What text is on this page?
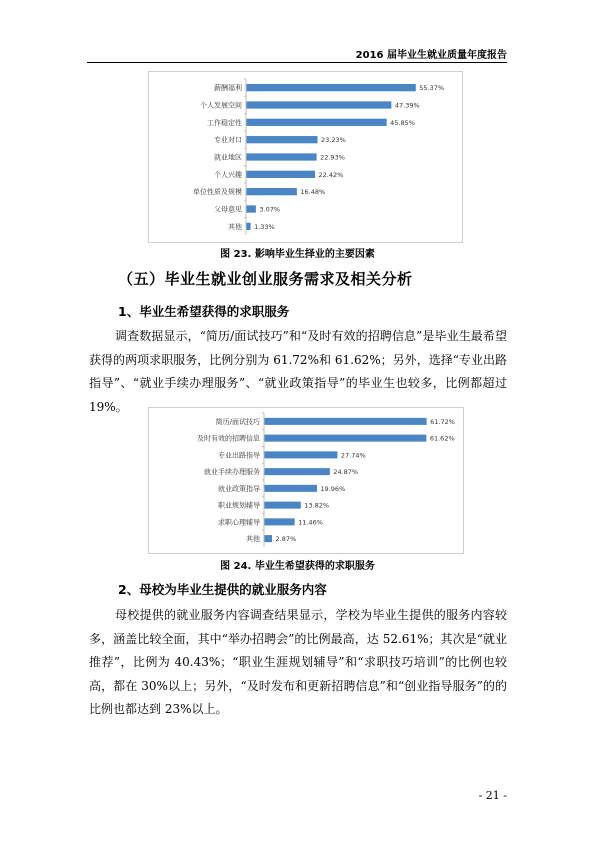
2016 届毕业生就业质量年度报告
薪酬福利	55.37%
个人发展空间	47.39%
工作稳定性	45.85%
专业对口	23.23%
就业地区	22.93%
个人兴趣	22.42%
单位性质及规模	16.48%
父母意见	3.07%
其他 1.33%
图 23. 影响毕业生择业的主要因素
（五）毕业生就业创业服务需求及相关分析
1、毕业生希望获得的求职服务
调查数据显示，“简历/面试技巧”和“及时有效的招聘信息”是毕业生最希望获得的两项求职服务，比例分别为 61.72%和 61.62%；另外，选择“专业出路指导”、“就业手续办理服务”、“就业政策指导”的毕业生也较多，比例都超过 19%。
简历/面试技巧	61.72%
及时有效的招聘信息	61.62%
专业出路指导	27.74%
就业手续办理服务	24.87%
就业政策指导	19.96%
职业规划辅导	13.82%
求职心理辅导	11.46%
其他 2.87%
图 24. 毕业生希望获得的求职服务
2、母校为毕业生提供的就业服务内容
母校提供的就业服务内容调查结果显示，学校为毕业生提供的服务内容较多，涵盖比较全面，其中“举办招聘会”的比例最高，达 52.61%；其次是“就业推荐”，比例为 40.43%；“职业生涯规划辅导”和“求职技巧培训”的比例也较高，都在 30%以上；另外，“及时发布和更新招聘信息”和“创业指导服务”的的比例也都达到 23%以上。
- 21 -
